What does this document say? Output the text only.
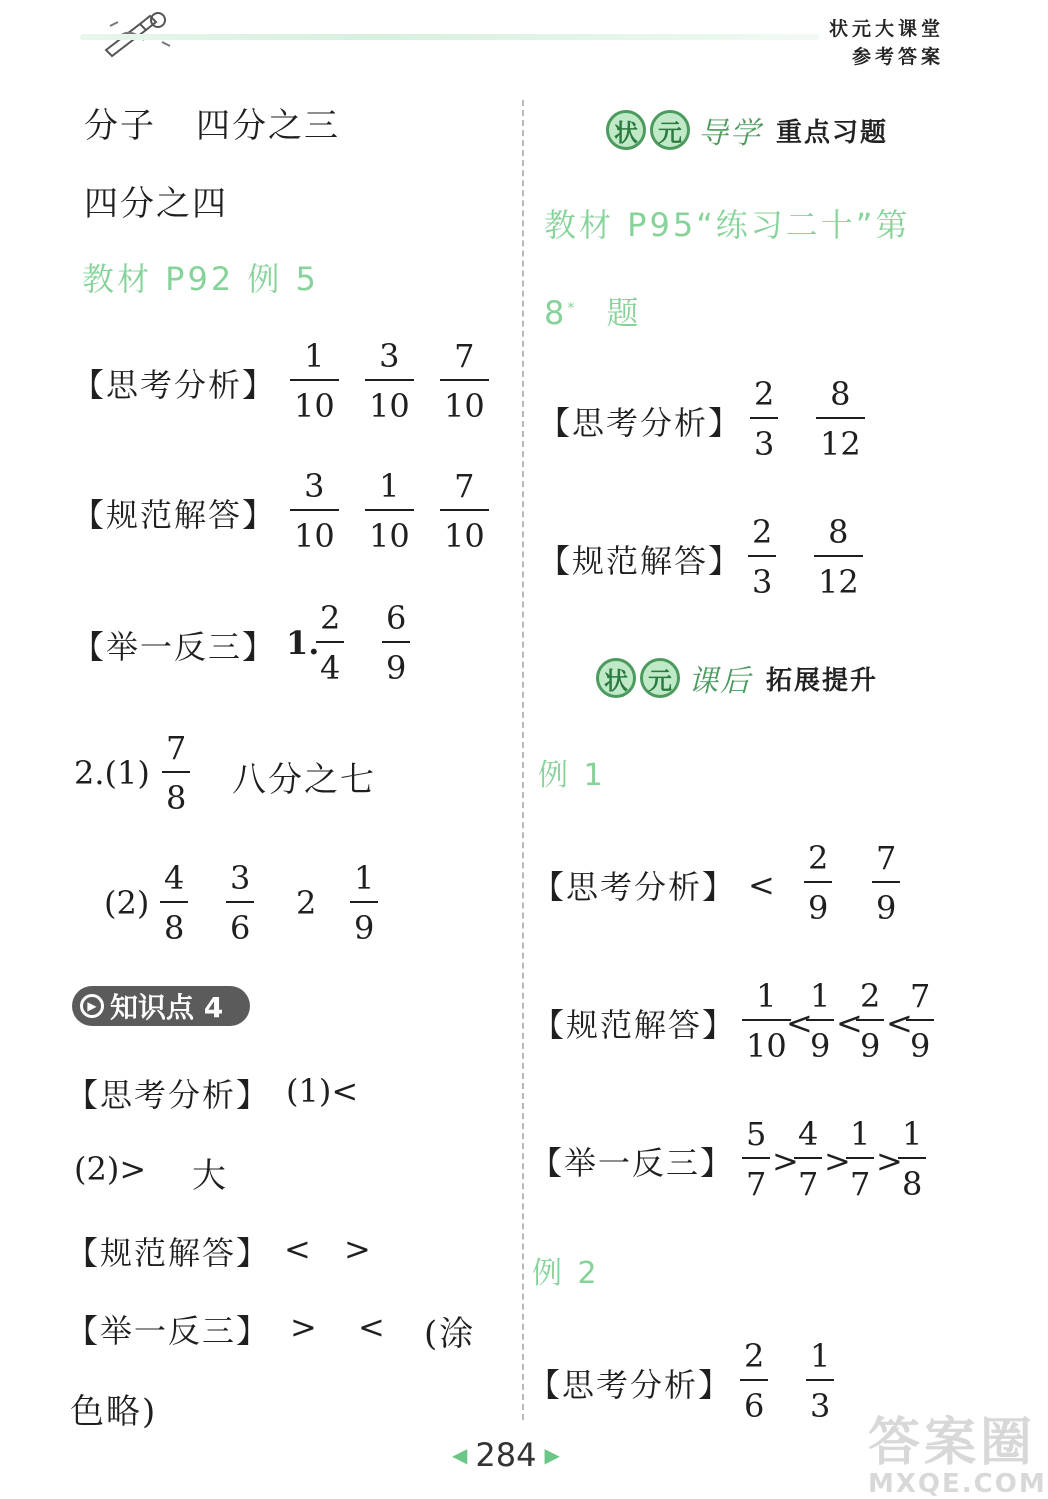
状元大课堂
参考答案
分子 四分之三
四分之四
教材 P92 例 5
【思考分析】
1
10
3
10
7
10
【规范解答】
3
10
1
10
7
10
【举一反三】 1.
2
4
6
9
2.(1)
7
8 八分之七
(2)
4
8
3
6
2
1
9
▶ 知识点 4
【思考分析】 (1)<
(2)> 大
【规范解答】 < >
【举一反三】 > < (涂
色略)
状 元 导学 重点习题
教材 P95“练习二十”第
8* 题
【思考分析】
2
3
8
12
【规范解答】
2
3
8
12
状 元 课后 拓展提升
例 1
【思考分析】 <
2
9
7
9
【规范解答】
1
10
<
1
9
<
2
9
<
7
9
【举一反三】
5
7
>
4
7
>
1
7
>
1
8
例 2
【思考分析】
2
6
1
3
◀ 284 ▶	答案圈
MXQE.COM
